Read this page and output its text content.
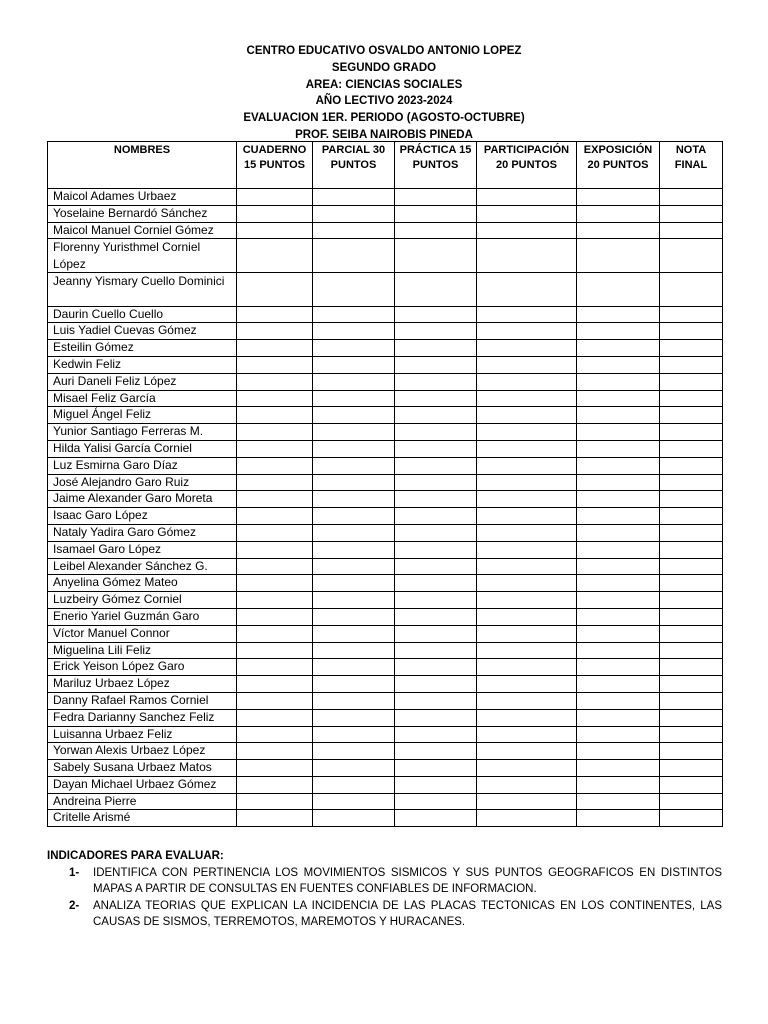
CENTRO EDUCATIVO OSVALDO ANTONIO LOPEZ
SEGUNDO GRADO
AREA: CIENCIAS SOCIALES
AÑO LECTIVO 2023-2024
EVALUACION 1ER. PERIODO (AGOSTO-OCTUBRE)
PROF. SEIBA NAIROBIS PINEDA
NOMBRES	CUADERNO 15 PUNTOS	PARCIAL 30 PUNTOS	PRÁCTICA 15 PUNTOS	PARTICIPACIÓN 20 PUNTOS	EXPOSICIÓN 20 PUNTOS	NOTA FINAL
Maicol Adames Urbaez						
Yoselaine Bernardó Sánchez						
Maicol Manuel Corniel Gómez						
Florenny Yuristhmel Corniel López						
Jeanny Yismary Cuello Dominici						
Daurin Cuello Cuello						
Luis Yadiel Cuevas Gómez						
Esteilin Gómez						
Kedwin Feliz						
Auri Daneli Feliz López						
Misael Feliz García						
Miguel Ángel Feliz						
Yunior Santiago Ferreras M.						
Hilda Yalisi García Corniel						
Luz Esmirna Garo Díaz						
José Alejandro Garo Ruiz						
Jaime Alexander Garo Moreta						
Isaac Garo López						
Nataly Yadira Garo Gómez						
Isamael Garo López						
Leibel Alexander Sánchez G.						
Anyelina Gómez Mateo						
Luzbeiry Gómez Corniel						
Enerio Yariel Guzmán Garo						
Víctor Manuel Connor						
Miguelina Lili Feliz						
Erick Yeison López Garo						
Mariluz Urbaez López						
Danny Rafael Ramos Corniel						
Fedra Darianny Sanchez Feliz						
Luisanna Urbaez Feliz						
Yorwan Alexis Urbaez López						
Sabely Susana Urbaez Matos						
Dayan Michael Urbaez Gómez						
Andreina Pierre						
Critelle Arismé						
INDICADORES PARA EVALUAR:
1-	IDENTIFICA CON PERTINENCIA LOS MOVIMIENTOS SISMICOS Y SUS PUNTOS GEOGRAFICOS EN DISTINTOS MAPAS A PARTIR DE CONSULTAS EN FUENTES CONFIABLES DE INFORMACION.
2-	ANALIZA TEORIAS QUE EXPLICAN LA INCIDENCIA DE LAS PLACAS TECTONICAS EN LOS CONTINENTES, LAS CAUSAS DE SISMOS, TERREMOTOS, MAREMOTOS Y HURACANES.
